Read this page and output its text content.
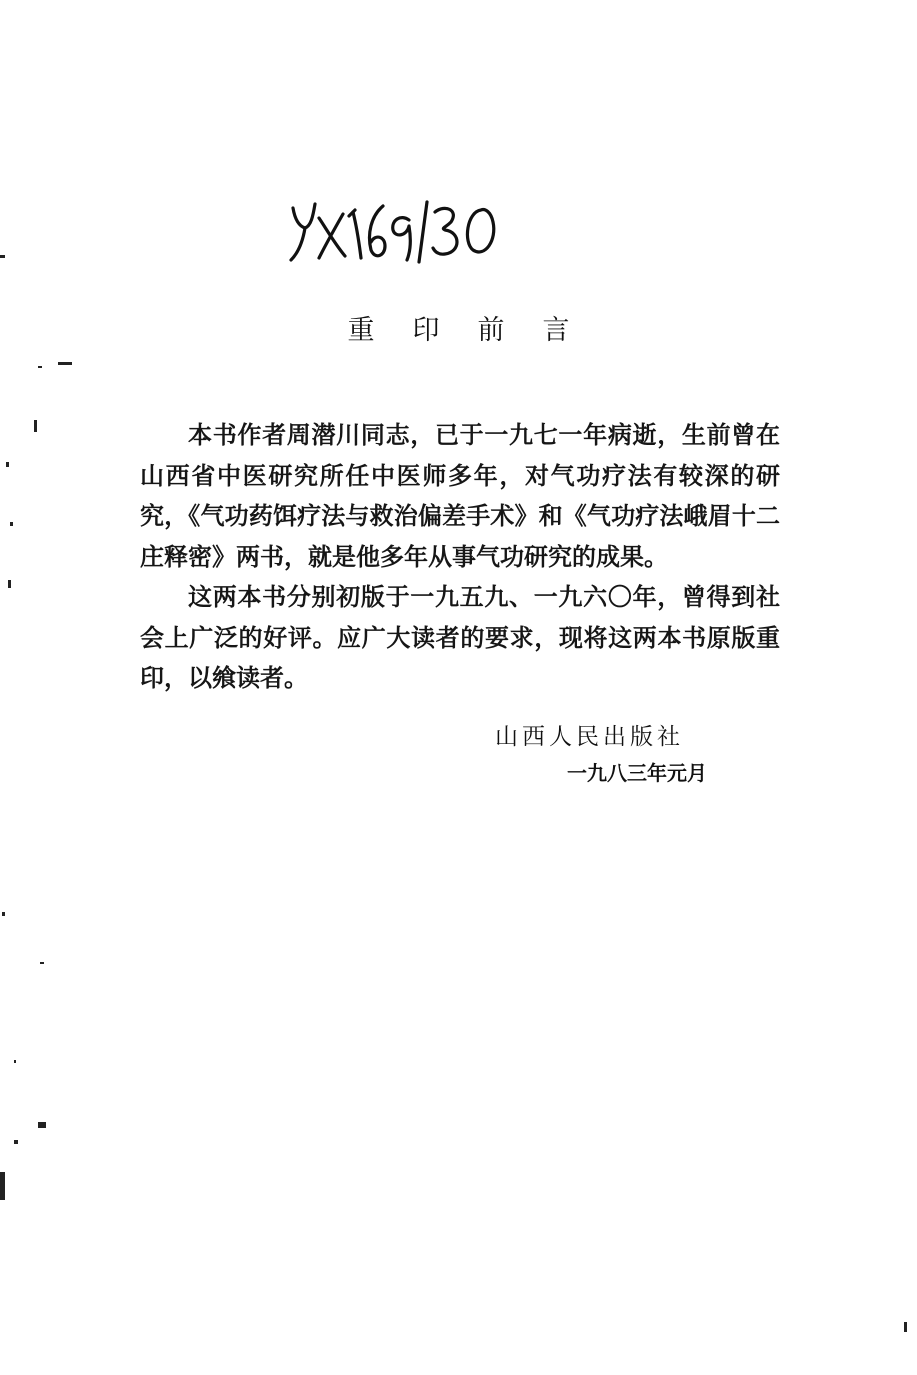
重印前言

本书作者周潜川同志，已于一九七一年病逝，生前曾在山西省中医研究所任中医师多年，对气功疗法有较深的研究，《气功药饵疗法与救治偏差手术》和《气功疗法峨眉十二庄释密》两书，就是他多年从事气功研究的成果。

这两本书分别初版于一九五九、一九六〇年，曾得到社会上广泛的好评。应广大读者的要求，现将这两本书原版重印，以飨读者。

山西人民出版社
一九八三年元月
